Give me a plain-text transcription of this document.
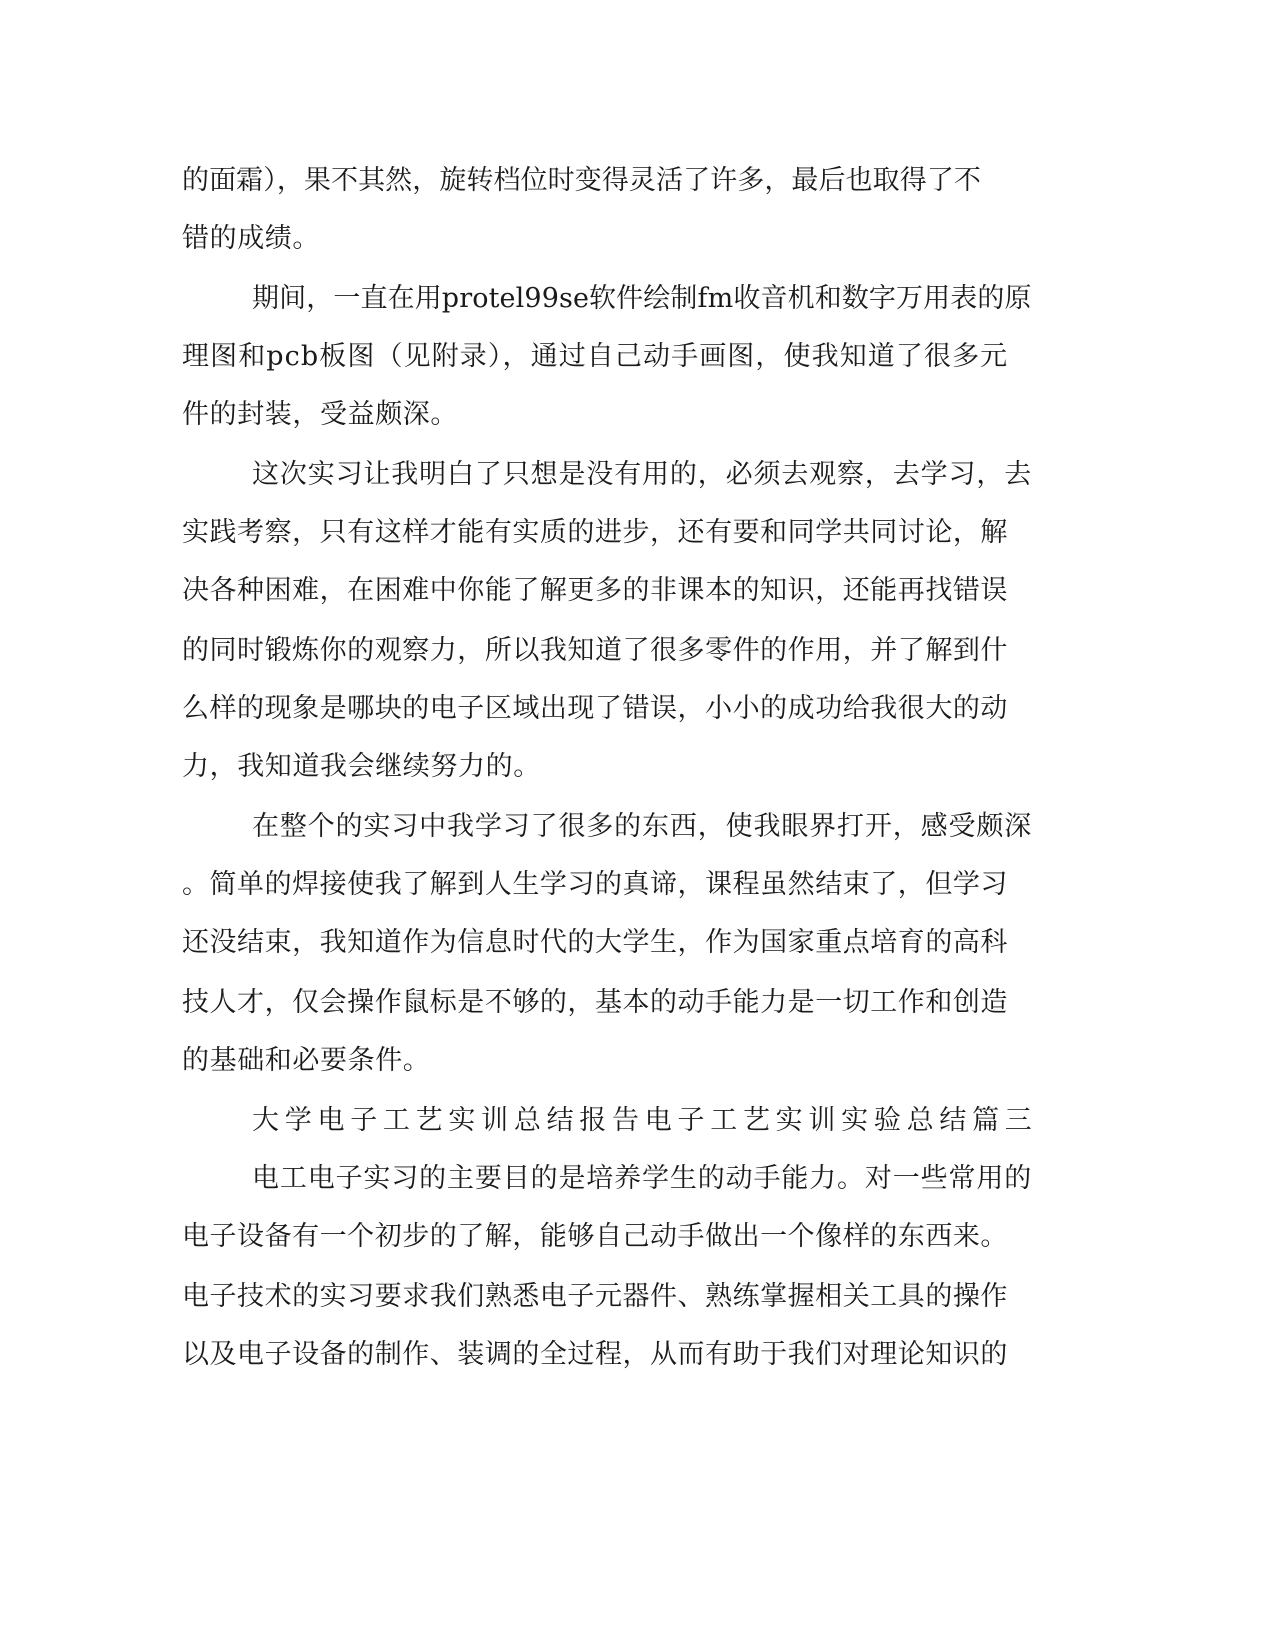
的面霜），果不其然，旋转档位时变得灵活了许多，最后也取得了不
错的成绩。
期间，一直在用protel99se软件绘制fm收音机和数字万用表的原
理图和pcb板图（见附录），通过自己动手画图，使我知道了很多元
件的封装，受益颇深。
这次实习让我明白了只想是没有用的，必须去观察，去学习，去
实践考察，只有这样才能有实质的进步，还有要和同学共同讨论，解
决各种困难，在困难中你能了解更多的非课本的知识，还能再找错误
的同时锻炼你的观察力，所以我知道了很多零件的作用，并了解到什
么样的现象是哪块的电子区域出现了错误，小小的成功给我很大的动
力，我知道我会继续努力的。
在整个的实习中我学习了很多的东西，使我眼界打开，感受颇深
。简单的焊接使我了解到人生学习的真谛，课程虽然结束了，但学习
还没结束，我知道作为信息时代的大学生，作为国家重点培育的高科
技人才，仅会操作鼠标是不够的，基本的动手能力是一切工作和创造
的基础和必要条件。
大学电子工艺实训总结报告电子工艺实训实验总结篇三
电工电子实习的主要目的是培养学生的动手能力。对一些常用的
电子设备有一个初步的了解，能够自己动手做出一个像样的东西来。
电子技术的实习要求我们熟悉电子元器件、熟练掌握相关工具的操作
以及电子设备的制作、装调的全过程，从而有助于我们对理论知识的
